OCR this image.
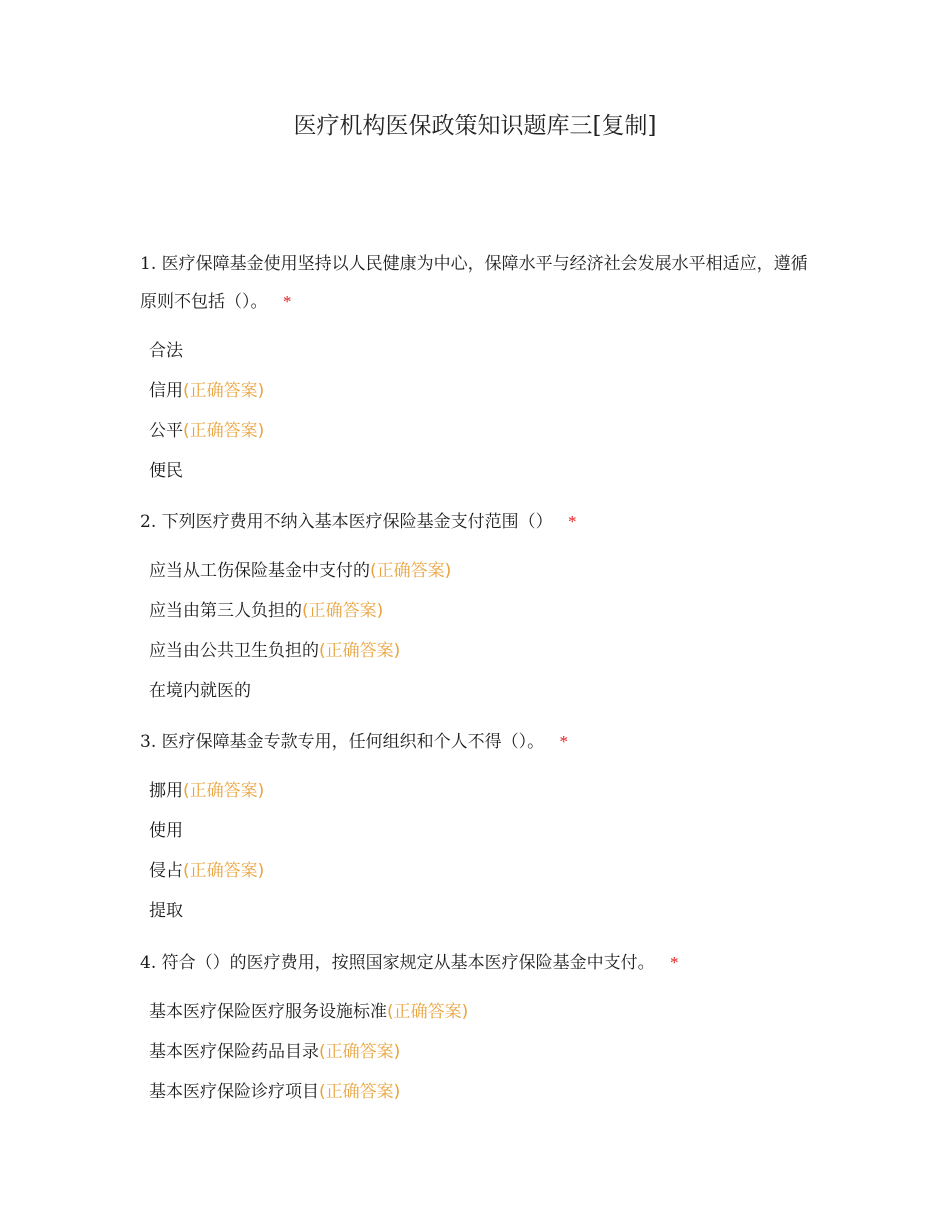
医疗机构医保政策知识题库三[复制]
1. 医疗保障基金使用坚持以人民健康为中心，保障水平与经济社会发展水平相适应，遵循原则不包括（）。 *
合法
信用(正确答案)
公平(正确答案)
便民
2. 下列医疗费用不纳入基本医疗保险基金支付范围（） *
应当从工伤保险基金中支付的(正确答案)
应当由第三人负担的(正确答案)
应当由公共卫生负担的(正确答案)
在境内就医的
3. 医疗保障基金专款专用，任何组织和个人不得（）。 *
挪用(正确答案)
使用
侵占(正确答案)
提取
4. 符合（）的医疗费用，按照国家规定从基本医疗保险基金中支付。 *
基本医疗保险医疗服务设施标准(正确答案)
基本医疗保险药品目录(正确答案)
基本医疗保险诊疗项目(正确答案)
